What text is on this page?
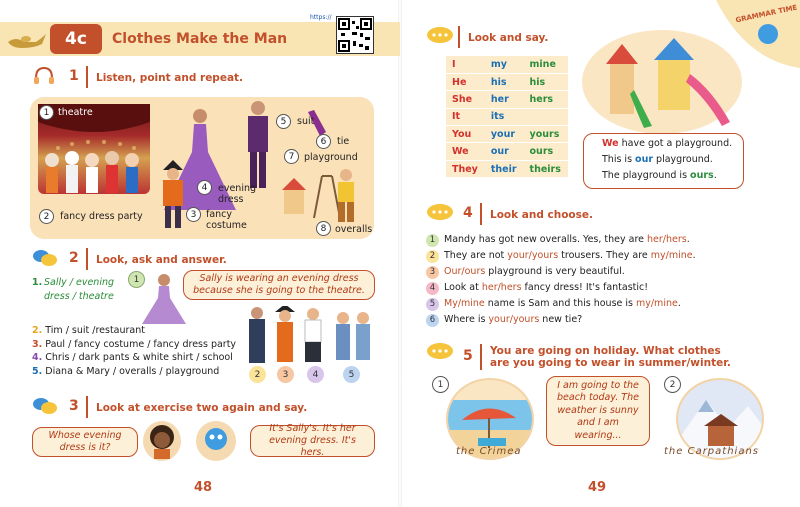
4c	Clothes Make the Man
https://
1 Listen, point and repeat.
1 theatre
2	fancy dress party	3	fancy costume
4	evening dress
5	suit
6	tie
7	playground
8 overalls
2 Look, ask and answer.
1. Sally / evening dress / theatre
1	Sally is wearing an evening dress because she is going to the theatre.
2. Tim / suit /restaurant
3. Paul / fancy costume / fancy dress party
4. Chris / dark pants & white shirt / school
5. Diana & Mary / overalls / playground	2	3	4	5
3 Look at exercise two again and say.
Whose evening dress is it?
It's Sally's. It's her evening dress. It's hers.
48
GRAMMAR TIME
Look and say.
I	my	mine
He	his	his
She	her	hers
It	its	
You	your	yours
We	our	ours
They	their	theirs
We have got a playground.
This is our playground.
The playground is ours.
4 Look and choose.
1 Mandy has got new overalls. Yes, they are her/hers .
2 They are not your/yours trousers. They are my/mine .
3 Our/ours playground is very beautiful.
4 Look at her/hers fancy dress! It's fantastic!
5 My/mine name is Sam and this house is my/mine .
6 Where is your/yours new tie?
5 You are going on holiday. What clothes are you going to wear in summer/winter.
1	2
I am going to the beach today. The weather is sunny and I am wearing...
the Crimea	the Carpathians
49
